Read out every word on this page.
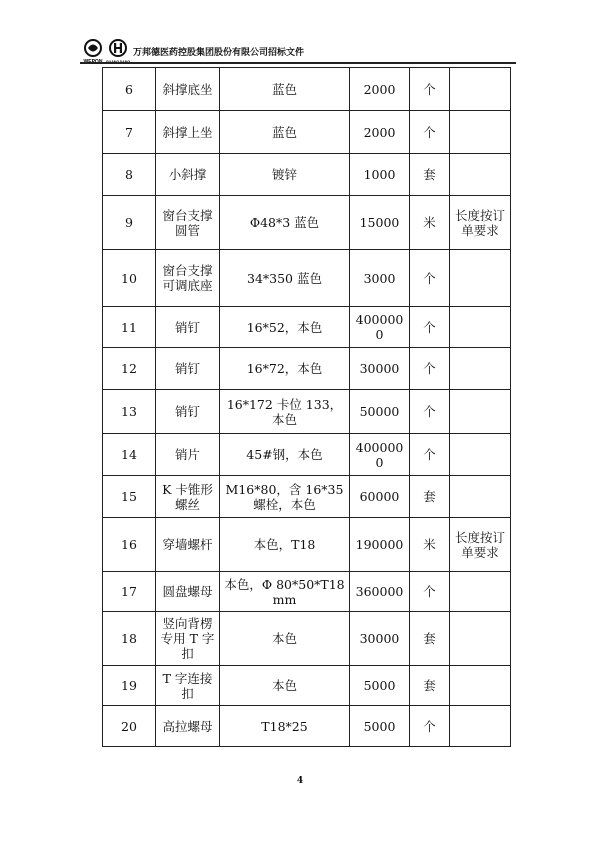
WEPON GUANGJIANG
万邦德医药控股集团股份有限公司招标文件
6	斜撑底坐	蓝色	2000	个	
7	斜撑上坐	蓝色	2000	个	
8	小斜撑	镀锌	1000	套	
9	窗台支撑圆管	Φ48*3 蓝色	15000	米	长度按订单要求
10	窗台支撑可调底座	34*350 蓝色	3000	个	
11	销钉	16*52，本色	4000000	个	
12	销钉	16*72，本色	30000	个	
13	销钉	16*172 卡位 133，本色	50000	个	
14	销片	45#钢，本色	4000000	个	
15	K 卡锥形螺丝	M16*80，含 16*35 螺栓，本色	60000	套	
16	穿墙螺杆	本色，T18	190000	米	长度按订单要求
17	圆盘螺母	本色，Φ 80*50*T18mm	360000	个	
18	竖向背楞专用 T 字扣	本色	30000	套	
19	T 字连接扣	本色	5000	套	
20	高拉螺母	T18*25	5000	个	
4
